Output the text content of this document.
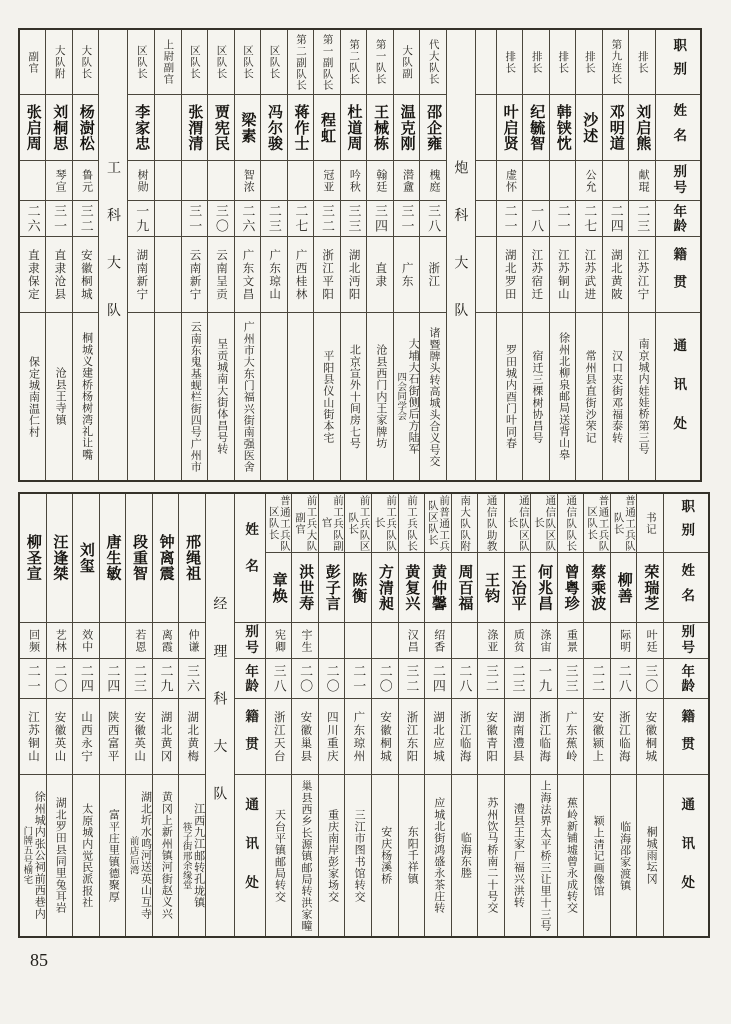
职别
姓名
别号
年龄
籍贯
通讯处
排长
刘启熊
献琨
二三
江苏江宁
南京城内娃娃桥第三号
第九连长
邓明道
二四
湖北黄陂
汉口夹街邓福泰转
排长
沙述
公允
二七
江苏武进
常州县直街沙荣记
排长
韩铗忱
二一
江苏铜山
徐州北柳泉邮局送背山皋
排长
纪毓智
一八
江苏宿迁
宿迁三棵树协昌号
排长
叶启贤
虚怀
二一
湖北罗田
罗田城内酉门叶同春
炮科大队
代大队长
邵企雍
槐庭
三八
浙江
诸暨牌头转高城头合义号交
大队副
温克刚
潜盦
三一
广东
大埔大石街侧后方陆军
四会同学会
第一队长
王械栋
翰廷
三四
直隶
沧县西门内王家牌坊
第二队长
杜道周
吟秋
三三
湖北沔阳
北京宣外十间房七号
第一副队长
程虹
冠亚
三二
浙江平阳
平阳县仪山街本宅
第二副队长
蒋作士
二七
广西桂林
区队长
冯尔骏
二三
广东琼山
区队长
梁素
智浓
二六
广东文昌
广州市大东门福兴街南强医舍
区队长
贾宪民
三〇
云南呈贡
呈贡城南大街体昌号转
区队长
张渭清
三一
云南新宁
云南东鬼基蚬栏街四号广州市
上尉副官
区队长
李家忠
树勋
一九
湖南新宁
工科大队
大队长
杨澍松
鲁元
三二
安徽桐城
桐城义建桥杨树湾礼让嘴
大队附
刘桐思
琴宣
三一
直隶沧县
沧县王寺镇
副官
张启周
二六
直隶保定
保定城南温仁村
职别
姓名
别号
年龄
籍贯
通讯处
书记
荣瑞芝
叶廷
三〇
安徽桐城
桐城雨坛冈
普通工兵队队长
柳善
际明
二八
浙江临海
临海邵家渡镇
普通工兵队区队长
蔡乘波
二二
安徽颍上
颍上清记画像馆
通信队队长
曾粤珍
重景
三三
广东蕉岭
蕉岭新铺墟曾永成转交
通信队区队长
何兆昌
涤宙
一九
浙江临海
上海法界太平桥三让里十三号
通信队区队长
王冶平
质贫
二三
湖南澧县
澧县王家厂福兴洪转
通信队助教
王钧
涤亚
三二
安徽青阳
苏州饮马桥南二十号交
南大队队附
周百福
二八
浙江临海
临海东塍
前普通工兵队区队长
黄仲馨
绍香
二四
湖北应城
应城北街鸿盛永茶庄转
前工兵队长
黄复兴
汉昌
三二
浙江东阳
东阳千祥镇
前工兵队队长
方清昶
二〇
安徽桐城
安庆杨溪桥
前工兵队区队长
陈衡
二一
广东琼州
三江市图书馆转交
前工兵队副官
彭子言
二〇
四川重庆
重庆南岸彭家场交
前工兵大队副官
洪世寿
宇生
二〇
安徽巢县
巢县西乡长源镇邮局转洪家疃
普通工兵队区队长
章焕
宪卿
三八
浙江天台
天台平镇邮局转交
姓名
别号
年龄
籍贯
通讯处
经理科大队
邢绳祖
仲谦
三六
湖北黄梅
江西九江邮转孔垅镇
筷子街邢余缘堂
钟离震
离霞
二九
湖北黄冈
黄冈上新州镇河街赵义兴
段重智
若恩
二三
安徽英山
湖北圻水鸣河送英山互寺
前店后湾
唐生敏
二四
陕西富平
富平庄里镇德聚厚
刘玺
效中
二四
山西永宁
太原城内觉民派报社
汪逢桀
艺林
二〇
安徽英山
湖北罗田县同里兔耳岩
柳圣宣
回频
二一
江苏铜山
徐州城内张公祠前西巷内
门牌五号椾宅
85
